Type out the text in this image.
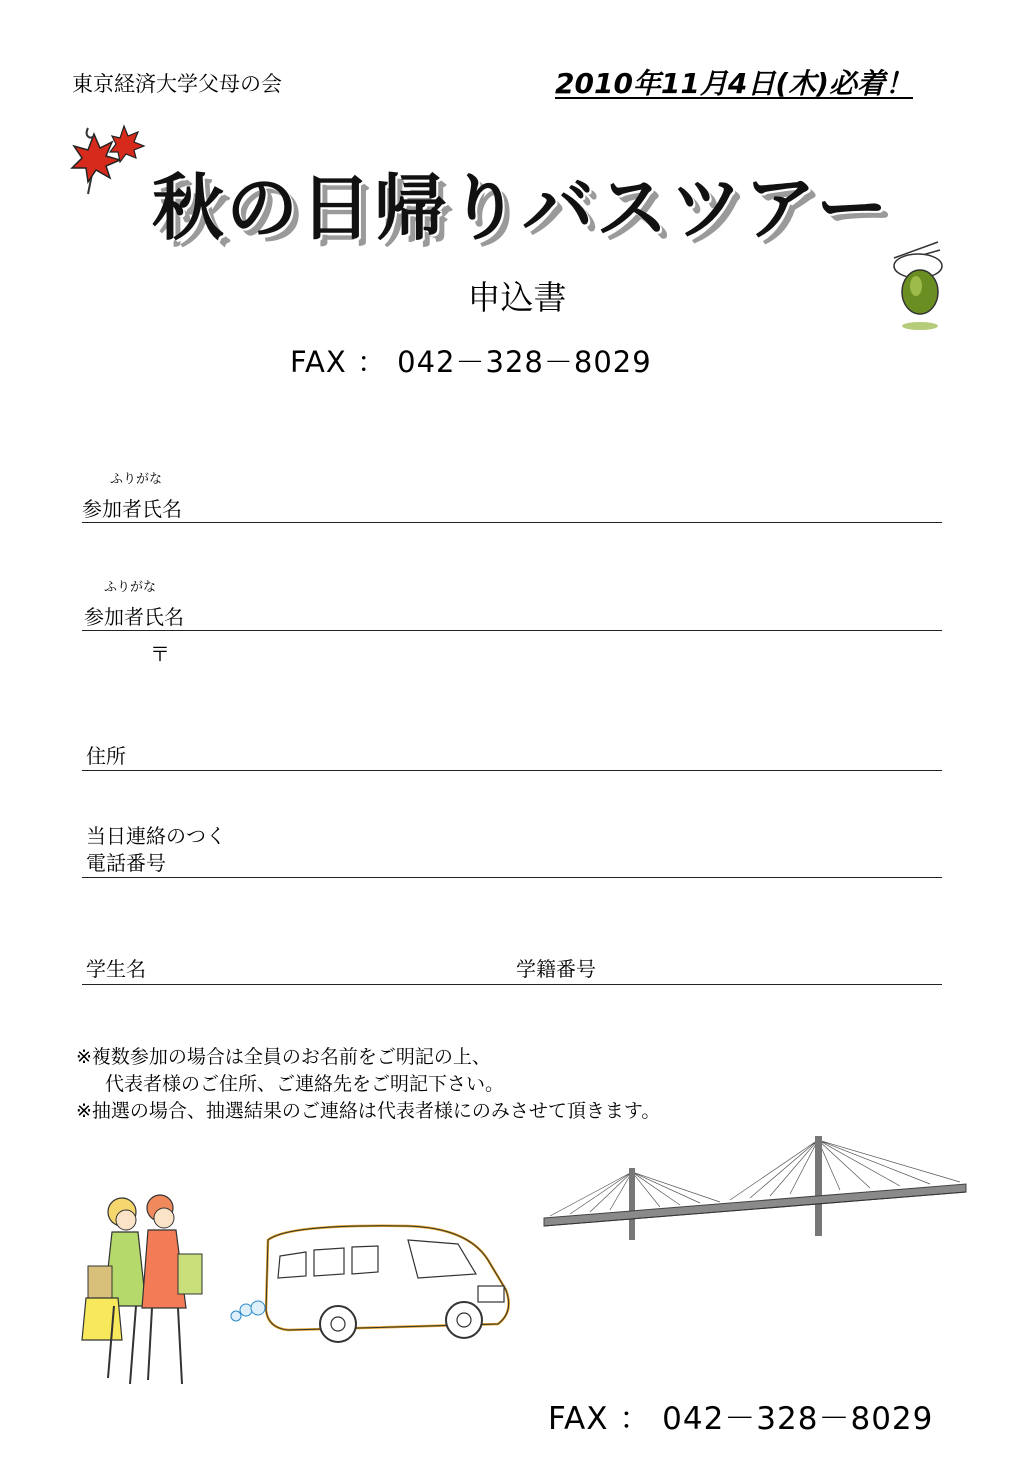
東京経済大学父母の会	2010年11月4日(木)必着！
秋の日帰りバスツアー
申込書
FAX ： 042－328－8029
ふりがな
参加者氏名
ふりがな
参加者氏名
〒
住所
当日連絡のつく
電話番号
学生名	学籍番号
※複数参加の場合は全員のお名前をご明記の上、
　代表者様のご住所、ご連絡先をご明記下さい。
※抽選の場合、抽選結果のご連絡は代表者様にのみさせて頂きます。
FAX ： 042－328－8029
